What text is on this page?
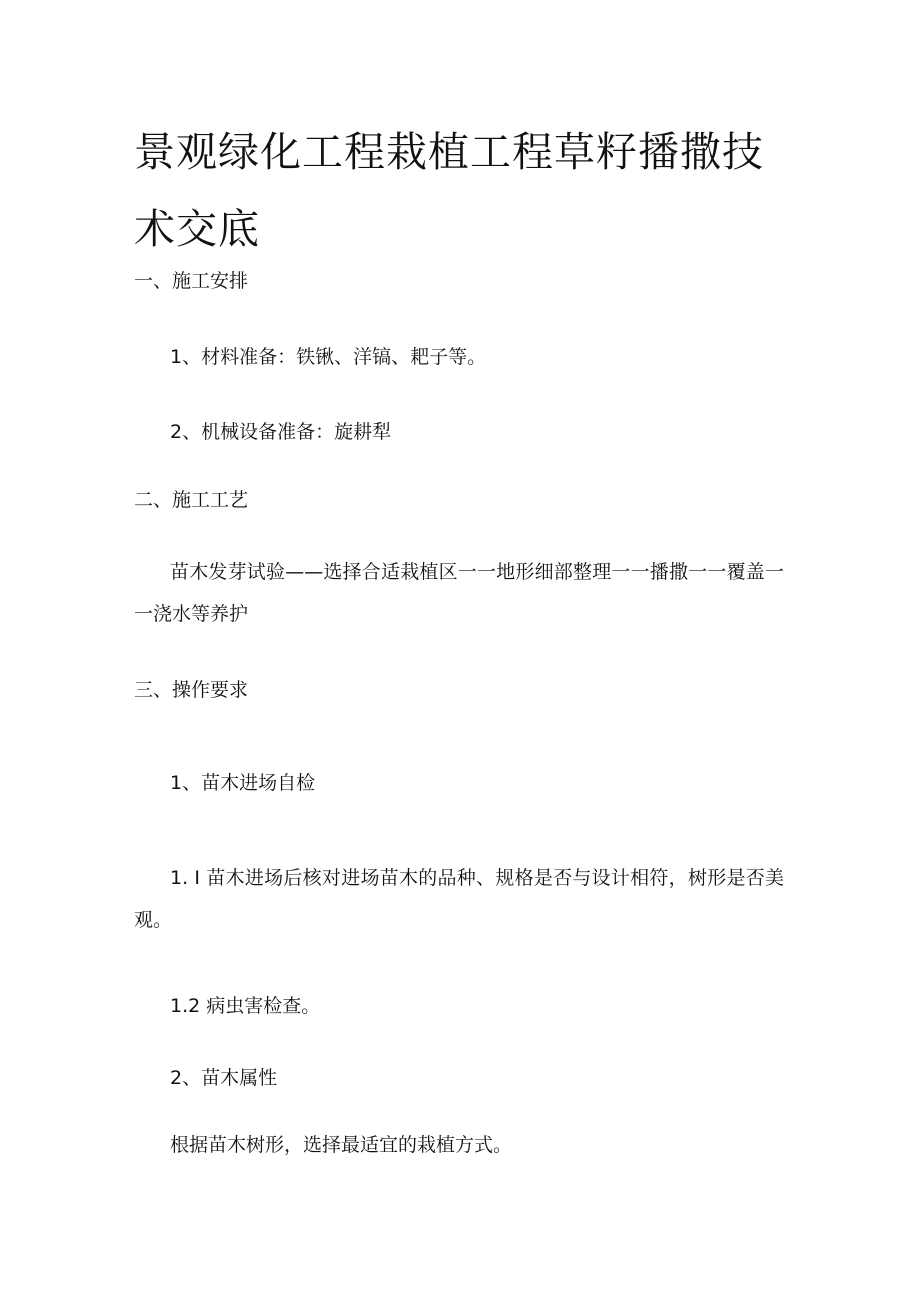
景观绿化工程栽植工程草籽播撒技术交底

一、施工安排

1、材料准备：铁锹、洋镐、耙子等。

2、机械设备准备：旋耕犁

二、施工工艺

苗木发芽试验——选择合适栽植区一一地形细部整理一一播撒一一覆盖一一浇水等养护

三、操作要求

1、苗木进场自检

1. I 苗木进场后核对进场苗木的品种、规格是否与设计相符，树形是否美观。

1.2 病虫害检查。

2、苗木属性

根据苗木树形，选择最适宜的栽植方式。
